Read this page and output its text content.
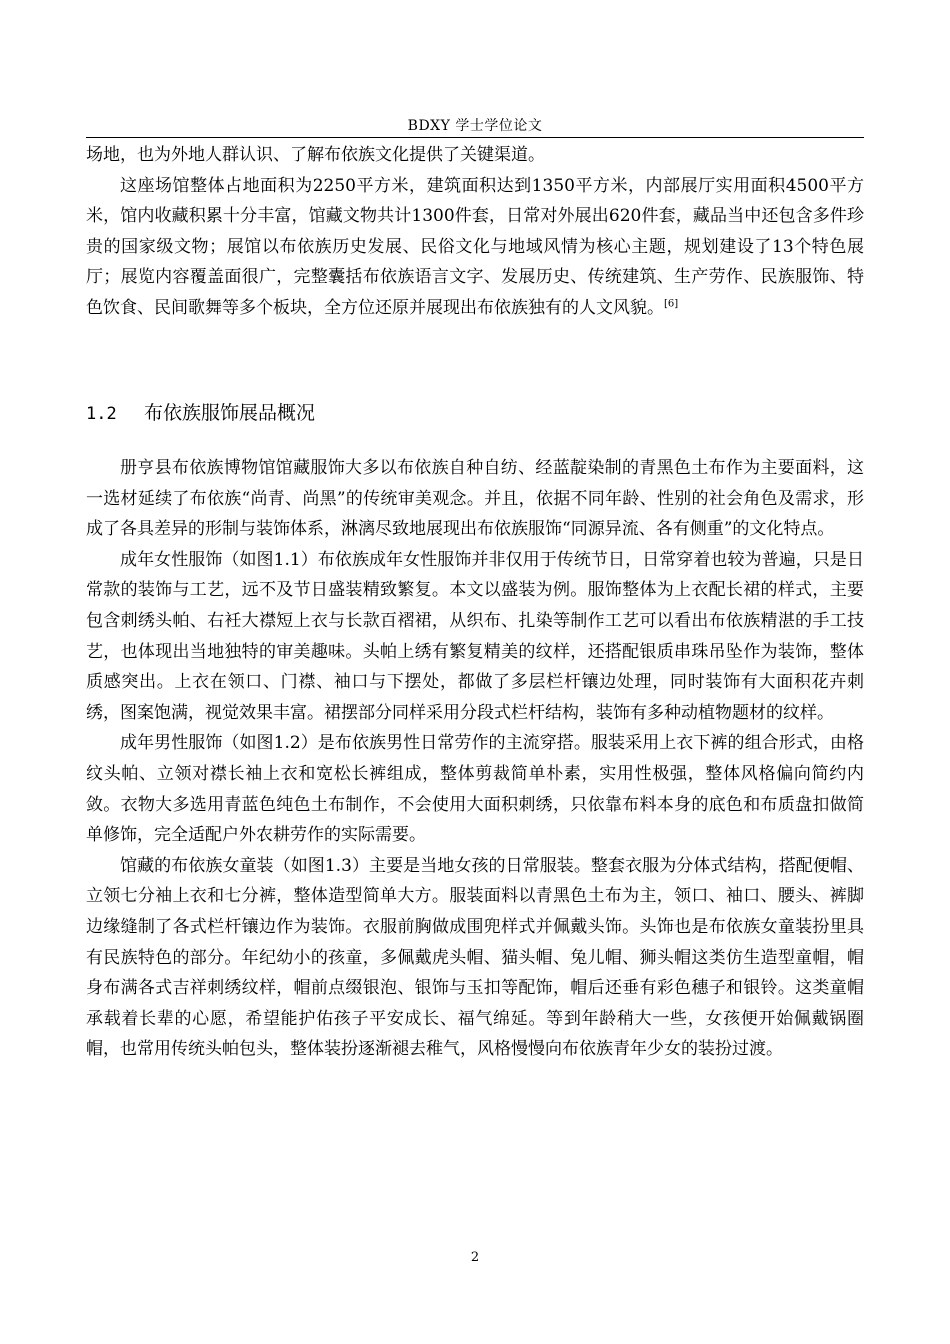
BDXY 学士学位论文

场地，也为外地人群认识、了解布依族文化提供了关键渠道。

这座场馆整体占地面积为2250平方米，建筑面积达到1350平方米，内部展厅实用面积4500平方米，馆内收藏积累十分丰富，馆藏文物共计1300件套，日常对外展出620件套，藏品当中还包含多件珍贵的国家级文物；展馆以布依族历史发展、民俗文化与地域风情为核心主题，规划建设了13个特色展厅；展览内容覆盖面很广，完整囊括布依族语言文字、发展历史、传统建筑、生产劳作、民族服饰、特色饮食、民间歌舞等多个板块，全方位还原并展现出布依族独有的人文风貌。[6]

1.2 布依族服饰展品概况

册亨县布依族博物馆馆藏服饰大多以布依族自种自纺、经蓝靛染制的青黑色土布作为主要面料，这一选材延续了布依族“尚青、尚黑”的传统审美观念。并且，依据不同年龄、性别的社会角色及需求，形成了各具差异的形制与装饰体系，淋漓尽致地展现出布依族服饰“同源异流、各有侧重”的文化特点。

成年女性服饰（如图1.1）布依族成年女性服饰并非仅用于传统节日，日常穿着也较为普遍，只是日常款的装饰与工艺，远不及节日盛装精致繁复。本文以盛装为例。服饰整体为上衣配长裙的样式，主要包含刺绣头帕、右衽大襟短上衣与长款百褶裙，从织布、扎染等制作工艺可以看出布依族精湛的手工技艺，也体现出当地独特的审美趣味。头帕上绣有繁复精美的纹样，还搭配银质串珠吊坠作为装饰，整体质感突出。上衣在领口、门襟、袖口与下摆处，都做了多层栏杆镶边处理，同时装饰有大面积花卉刺绣，图案饱满，视觉效果丰富。裙摆部分同样采用分段式栏杆结构，装饰有多种动植物题材的纹样。

成年男性服饰（如图1.2）是布依族男性日常劳作的主流穿搭。服装采用上衣下裤的组合形式，由格纹头帕、立领对襟长袖上衣和宽松长裤组成，整体剪裁简单朴素，实用性极强，整体风格偏向简约内敛。衣物大多选用青蓝色纯色土布制作，不会使用大面积刺绣，只依靠布料本身的底色和布质盘扣做简单修饰，完全适配户外农耕劳作的实际需要。

馆藏的布依族女童装（如图1.3）主要是当地女孩的日常服装。整套衣服为分体式结构，搭配便帽、立领七分袖上衣和七分裤，整体造型简单大方。服装面料以青黑色土布为主，领口、袖口、腰头、裤脚边缘缝制了各式栏杆镶边作为装饰。衣服前胸做成围兜样式并佩戴头饰。头饰也是布依族女童装扮里具有民族特色的部分。年纪幼小的孩童，多佩戴虎头帽、猫头帽、兔儿帽、狮头帽这类仿生造型童帽，帽身布满各式吉祥刺绣纹样，帽前点缀银泡、银饰与玉扣等配饰，帽后还垂有彩色穗子和银铃。这类童帽承载着长辈的心愿，希望能护佑孩子平安成长、福气绵延。等到年龄稍大一些，女孩便开始佩戴锅圈帽，也常用传统头帕包头，整体装扮逐渐褪去稚气，风格慢慢向布依族青年少女的装扮过渡。

2
